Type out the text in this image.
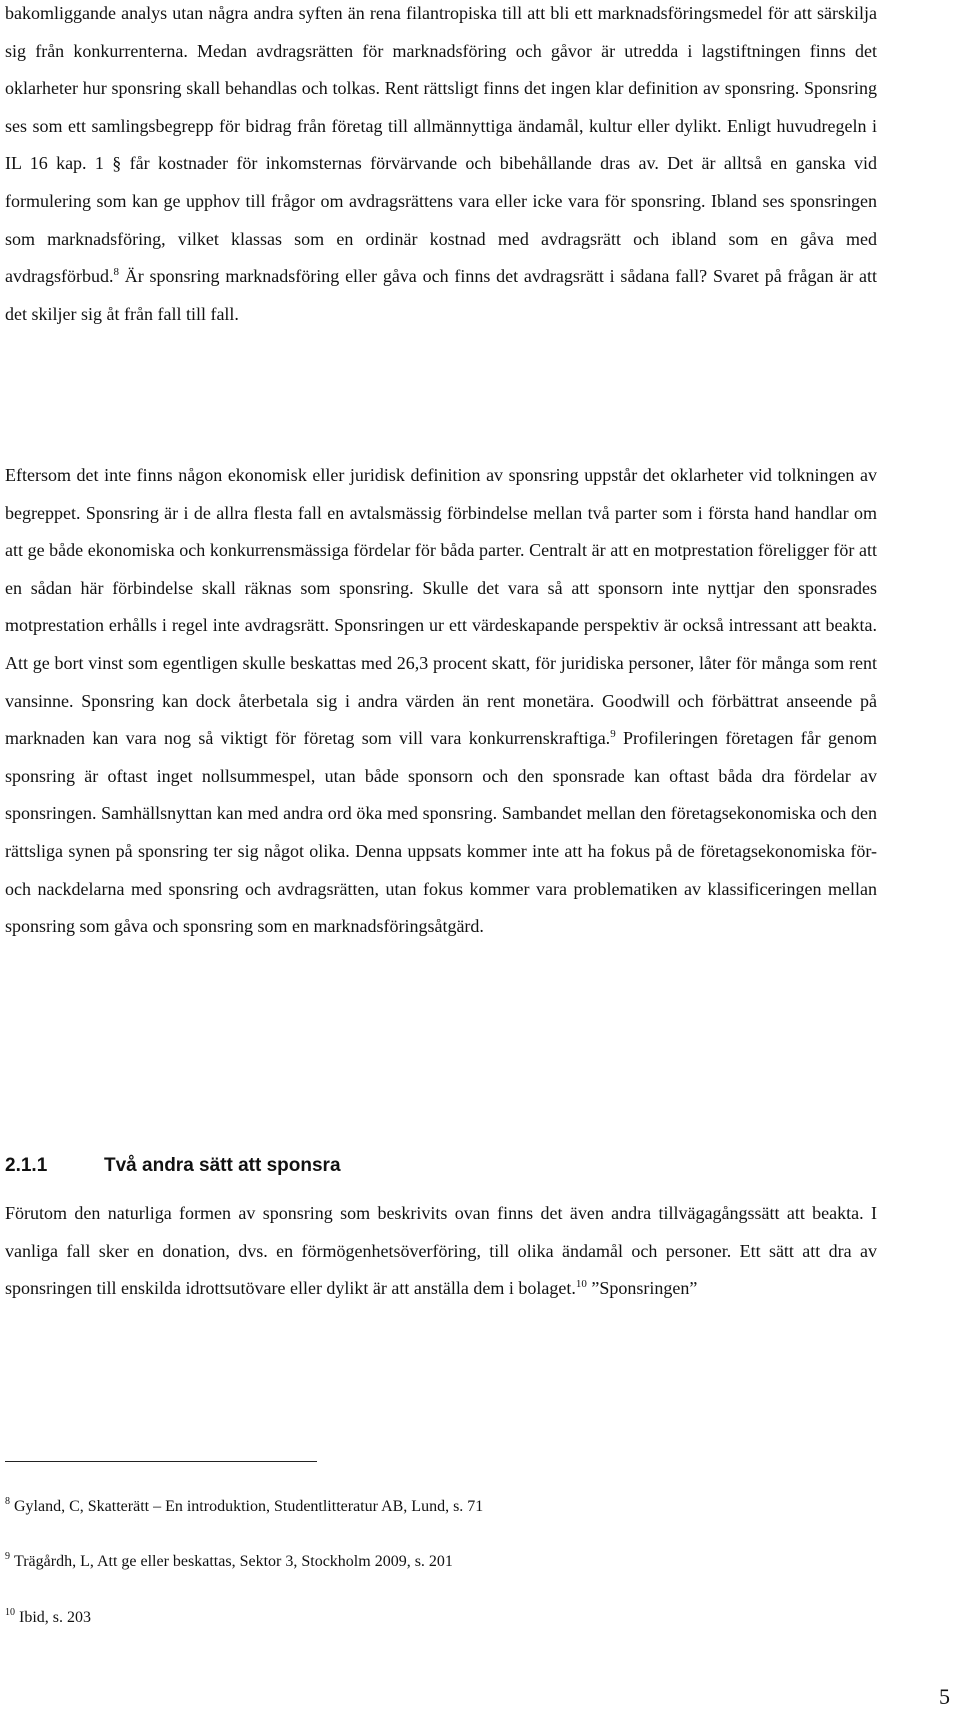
bakomliggande analys utan några andra syften än rena filantropiska till att bli ett marknadsföringsmedel för att särskilja sig från konkurrenterna. Medan avdragsrätten för marknadsföring och gåvor är utredda i lagstiftningen finns det oklarheter hur sponsring skall behandlas och tolkas. Rent rättsligt finns det ingen klar definition av sponsring. Sponsring ses som ett samlingsbegrepp för bidrag från företag till allmännyttiga ändamål, kultur eller dylikt. Enligt huvudregeln i IL 16 kap. 1 § får kostnader för inkomsternas förvärvande och bibehållande dras av. Det är alltså en ganska vid formulering som kan ge upphov till frågor om avdragsrättens vara eller icke vara för sponsring. Ibland ses sponsringen som marknadsföring, vilket klassas som en ordinär kostnad med avdragsrätt och ibland som en gåva med avdragsförbud.$^8$ Är sponsring marknadsföring eller gåva och finns det avdragsrätt i sådana fall? Svaret på frågan är att det skiljer sig åt från fall till fall.

Eftersom det inte finns någon ekonomisk eller juridisk definition av sponsring uppstår det oklarheter vid tolkningen av begreppet. Sponsring är i de allra flesta fall en avtalsmässig förbindelse mellan två parter som i första hand handlar om att ge både ekonomiska och konkurrensmässiga fördelar för båda parter. Centralt är att en motprestation föreligger för att en sådan här förbindelse skall räknas som sponsring. Skulle det vara så att sponsorn inte nyttjar den sponsrades motprestation erhålls i regel inte avdragsrätt. Sponsringen ur ett värdeskapande perspektiv är också intressant att beakta. Att ge bort vinst som egentligen skulle beskattas med 26,3 procent skatt, för juridiska personer, låter för många som rent vansinne. Sponsring kan dock återbetala sig i andra värden än rent monetära. Goodwill och förbättrat anseende på marknaden kan vara nog så viktigt för företag som vill vara konkurrenskraftiga.$^9$ Profileringen företagen får genom sponsring är oftast inget nollsummespel, utan både sponsorn och den sponsrade kan oftast båda dra fördelar av sponsringen. Samhällsnyttan kan med andra ord öka med sponsring. Sambandet mellan den företagsekonomiska och den rättsliga synen på sponsring ter sig något olika. Denna uppsats kommer inte att ha fokus på de företagsekonomiska för- och nackdelarna med sponsring och avdragsrätten, utan fokus kommer vara problematiken av klassificeringen mellan sponsring som gåva och sponsring som en marknadsföringsåtgärd.

2.1.1	Två andra sätt att sponsra

Förutom den naturliga formen av sponsring som beskrivits ovan finns det även andra tillvägagångssätt att beakta. I vanliga fall sker en donation, dvs. en förmögenhetsöverföring, till olika ändamål och personer. Ett sätt att dra av sponsringen till enskilda idrottsutövare eller dylikt är att anställa dem i bolaget.$^{10}$ ”Sponsringen”

$^8$ Gyland, C, Skatterätt – En introduktion, Studentlitteratur AB, Lund, s. 71

$^9$ Trägårdh, L, Att ge eller beskattas, Sektor 3, Stockholm 2009, s. 201

$^{10}$ Ibid, s. 203

5
